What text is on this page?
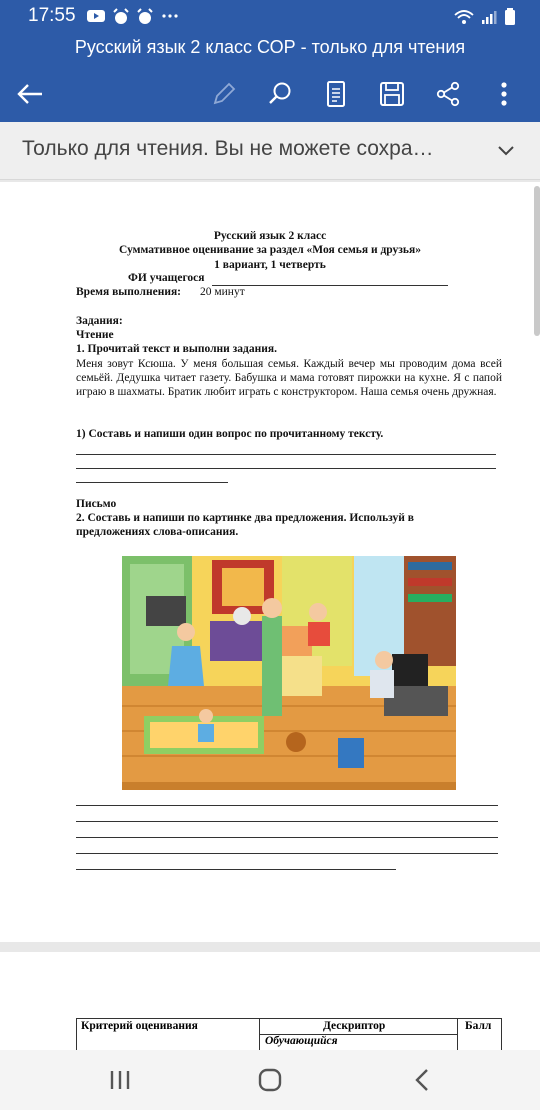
17:55
Русский язык 2 класс СОР - только для чтения
Только для чтения. Вы не можете сохра…
Русский язык 2 класс
Суммативное оценивание за раздел «Моя семья и друзья»
1 вариант, 1 четверть
ФИ учащегося
Время выполнения: 20 минут
Задания:
Чтение
1. Прочитай текст и выполни задания.
Меня зовут Ксюша. У меня большая семья. Каждый вечер мы проводим дома всей семьёй. Дедушка читает газету. Бабушка и мама готовят пирожки на кухне. Я с папой играю в шахматы. Братик любит играть с конструктором. Наша семья очень дружная.
1) Составь и напиши один вопрос по прочитанному тексту.
Письмо
2. Составь и напиши по картинке два предложения. Используй в
предложениях слова-описания.
Критерий оценивания	Дескриптор
Обучающийся
Балл
